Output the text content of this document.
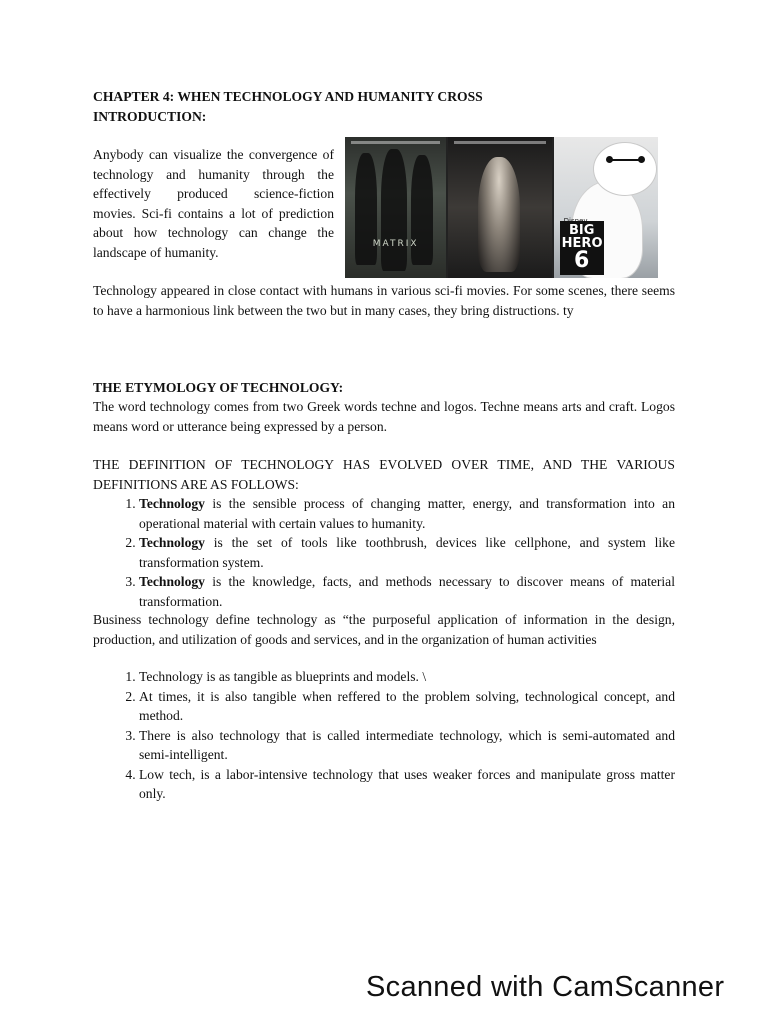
CHAPTER 4: WHEN TECHNOLOGY AND HUMANITY CROSS
INTRODUCTION:
Anybody can visualize the convergence of technology and humanity through the effectively produced science-fiction movies. Sci-fi contains a lot of prediction about how technology can change the landscape of humanity.
MATRIX
BIG
HERO
6
Technology appeared in close contact with humans in various sci-fi movies. For some scenes, there seems to have a harmonious link between the two but in many cases, they bring distructions. ty
THE ETYMOLOGY OF TECHNOLOGY:
The word technology comes from two Greek words techne and logos. Techne means arts and craft. Logos means word or utterance being expressed by a person.
THE DEFINITION OF TECHNOLOGY HAS EVOLVED OVER TIME, AND THE VARIOUS DEFINITIONS ARE AS FOLLOWS:
1. Technology is the sensible process of changing matter, energy, and transformation into an operational material with certain values to humanity.
2. Technology is the set of tools like toothbrush, devices like cellphone, and system like transformation system.
3. Technology is the knowledge, facts, and methods necessary to discover means of material transformation.
Business technology define technology as “the purposeful application of information in the design, production, and utilization of goods and services, and in the organization of human activities
1. Technology is as tangible as blueprints and models. \
2. At times, it is also tangible when reffered to the problem solving, technological concept, and method.
3. There is also technology that is called intermediate technology, which is semi-automated and semi-intelligent.
4. Low tech, is a labor-intensive technology that uses weaker forces and manipulate gross matter only.
Scanned with CamScanner
